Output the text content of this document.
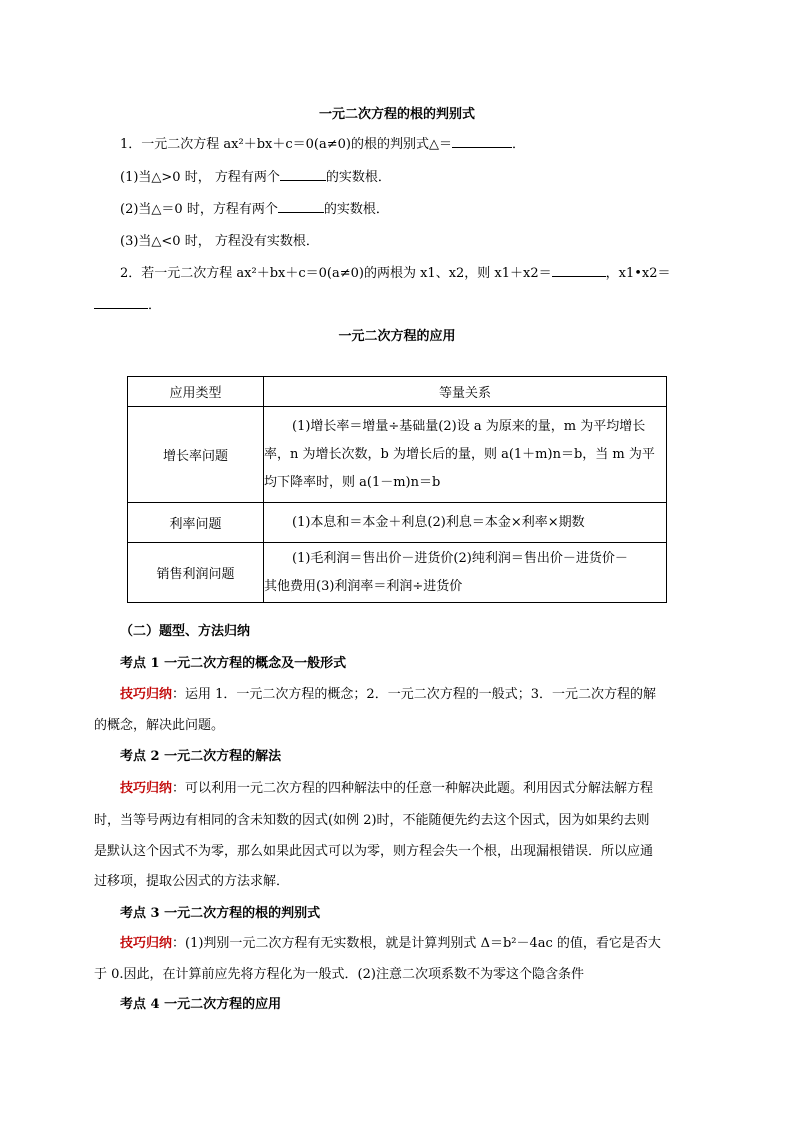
一元二次方程的根的判别式
1．一元二次方程 ax²＋bx＋c＝0(a≠0)的根的判别式△＝	．
(1)当△>0 时， 方程有两个	的实数根．
(2)当△＝0 时，方程有两个	的实数根．
(3)当△<0 时， 方程没有实数根．
2．若一元二次方程 ax²＋bx＋c＝0(a≠0)的两根为 x1、x2，则 x1＋x2＝	，x1•x2＝
．
一元二次方程的应用
应用类型	等量关系
增长率问题	(1)增长率＝增量÷基础量(2)设 a 为原来的量，m 为平均增长
率，n 为增长次数，b 为增长后的量，则 a(1＋m)n＝b，当 m 为平
均下降率时，则 a(1－m)n＝b

利率问题	(1)本息和＝本金＋利息(2)利息＝本金×利率×期数

销售利润问题	(1)毛利润＝售出价－进货价(2)纯利润＝售出价－进货价－
其他费用(3)利润率＝利润÷进货价
（二）题型、方法归纳
考点 1 一元二次方程的概念及一般形式
技巧归纳：运用 1．一元二次方程的概念；2．一元二次方程的一般式；3．一元二次方程的解
的概念，解决此问题。
考点 2 一元二次方程的解法
技巧归纳：可以利用一元二次方程的四种解法中的任意一种解决此题。利用因式分解法解方程
时，当等号两边有相同的含未知数的因式(如例 2)时，不能随便先约去这个因式，因为如果约去则
是默认这个因式不为零，那么如果此因式可以为零，则方程会失一个根，出现漏根错误．所以应通
过移项，提取公因式的方法求解．
考点 3 一元二次方程的根的判别式
技巧归纳：(1)判别一元二次方程有无实数根，就是计算判别式 Δ＝b²－4ac 的值，看它是否大
于 0.因此，在计算前应先将方程化为一般式．(2)注意二次项系数不为零这个隐含条件
考点 4 一元二次方程的应用
